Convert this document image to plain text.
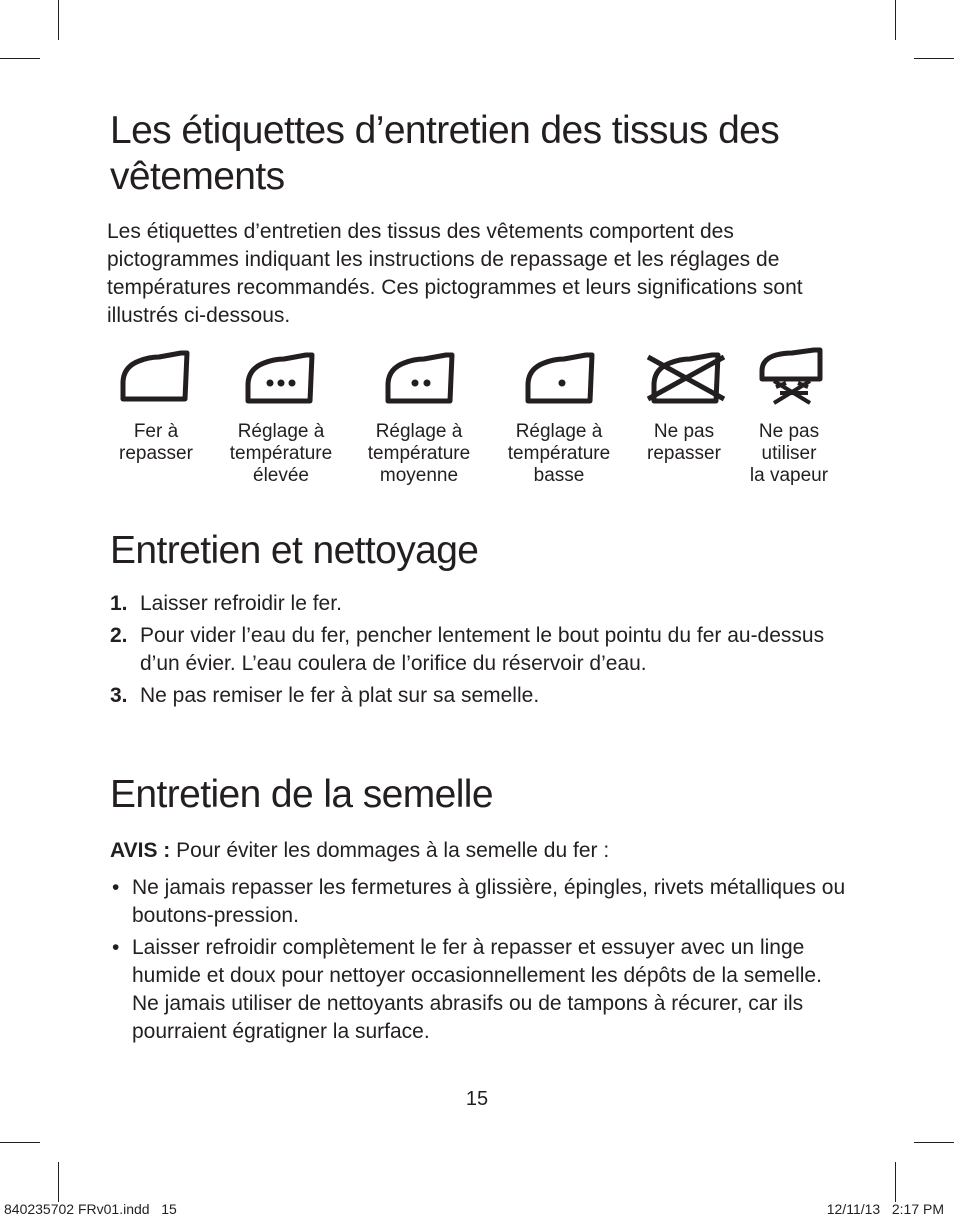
Les étiquettes d’entretien des tissus des vêtements

Les étiquettes d’entretien des tissus des vêtements comportent des pictogrammes indiquant les instructions de repassage et les réglages de températures recommandés. Ces pictogrammes et leurs significations sont illustrés ci-dessous.

Fer à
repasser
Réglage à
température
élevée
Réglage à
température
moyenne
Réglage à
température
basse
Ne pas
repasser
Ne pas
utiliser
la vapeur
Entretien et nettoyage
1. Laisser refroidir le fer.
2. Pour vider l’eau du fer, pencher lentement le bout pointu du fer au-dessus d’un évier. L’eau coulera de l’orifice du réservoir d’eau.
3. Ne pas remiser le fer à plat sur sa semelle.
Entretien de la semelle
AVIS : Pour éviter les dommages à la semelle du fer :
• Ne jamais repasser les fermetures à glissière, épingles, rivets métalliques ou boutons-pression.
• Laisser refroidir complètement le fer à repasser et essuyer avec un linge humide et doux pour nettoyer occasionnellement les dépôts de la semelle. Ne jamais utiliser de nettoyants abrasifs ou de tampons à récurer, car ils pourraient égratigner la surface.
15
840235702 FRv01.indd   15	12/11/13   2:17 PM
